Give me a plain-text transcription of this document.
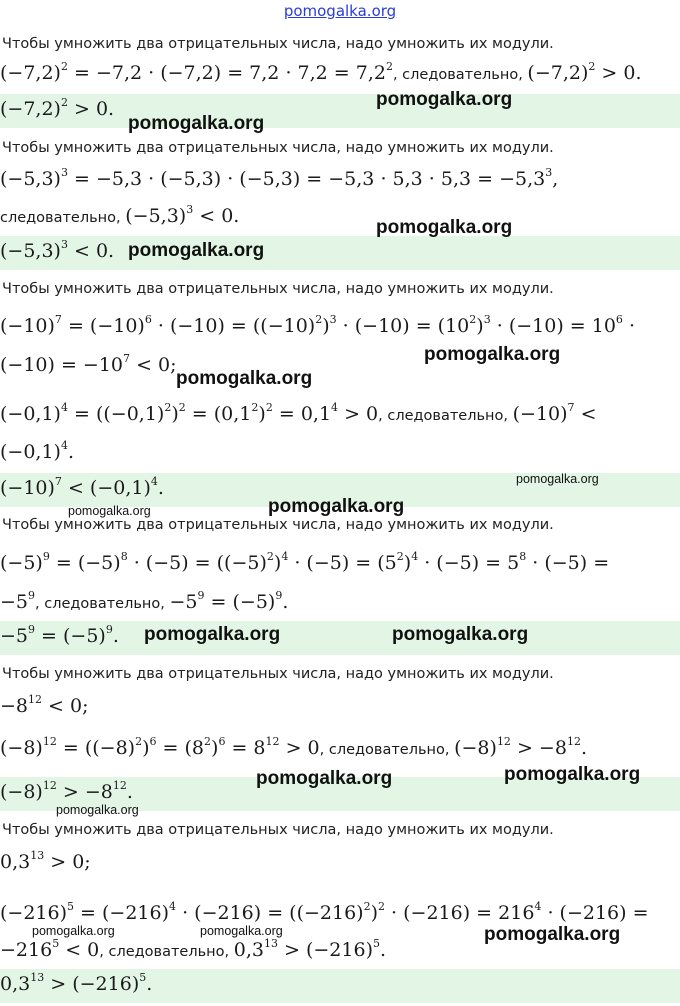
pomogalka.org
Чтобы умножить два отрицательных числа, надо умножить их модули.
$(-7,2)^2 = -7,2 \cdot (-7,2) = 7,2 \cdot 7,2 = 7,2^2$, следовательно, $(-7,2)^2 > 0$.
$(-7,2)^2 > 0$.
Чтобы умножить два отрицательных числа, надо умножить их модули.
$(-5,3)^3 = -5,3 \cdot (-5,3) \cdot (-5,3) = -5,3 \cdot 5,3 \cdot 5,3 = -5,3^3$,
следовательно, $(-5,3)^3 < 0$.
$(-5,3)^3 < 0$.
Чтобы умножить два отрицательных числа, надо умножить их модули.
$(-10)^7 = (-10)^6 \cdot (-10) = ((-10)^2)^3 \cdot (-10) = (10^2)^3 \cdot (-10) = 10^6$ ·
$(-10) = -10^7 < 0$;
$(-0,1)^4 = ((-0,1)^2)^2 = (0,1^2)^2 = 0,1^4 > 0$, следовательно, $(-10)^7$ <
$(-0,1)^4$.
$(-10)^7 < (-0,1)^4$.
Чтобы умножить два отрицательных числа, надо умножить их модули.
$(-5)^9 = (-5)^8 \cdot (-5) = ((-5)^2)^4 \cdot (-5) = (5^2)^4 \cdot (-5) = 5^8 \cdot (-5)$ =
$-5^9$, следовательно, $-5^9 = (-5)^9$.
$-5^9 = (-5)^9$.
Чтобы умножить два отрицательных числа, надо умножить их модули.
$-8^{12} < 0$;
$(-8)^{12} = ((-8)^2)^6 = (8^2)^6 = 8^{12} > 0$, следовательно, $(-8)^{12} > -8^{12}$.
$(-8)^{12} > -8^{12}$.
Чтобы умножить два отрицательных числа, надо умножить их модули.
$0,3^{13} > 0$;
$(-216)^5 = (-216)^4 \cdot (-216) = ((-216)^2)^2 \cdot (-216) = 216^4 \cdot (-216)$ =
$-216^5 < 0$, следовательно, $0,3^{13} > (-216)^5$.
$0,3^{13} > (-216)^5$.
pomogalka.org
pomogalka.org
pomogalka.org
pomogalka.org
pomogalka.org
pomogalka.org
pomogalka.org
pomogalka.org
pomogalka.org
pomogalka.org	pomogalka.org
pomogalka.org	pomogalka.org
pomogalka.org
pomogalka.org	pomogalka.org	pomogalka.org
